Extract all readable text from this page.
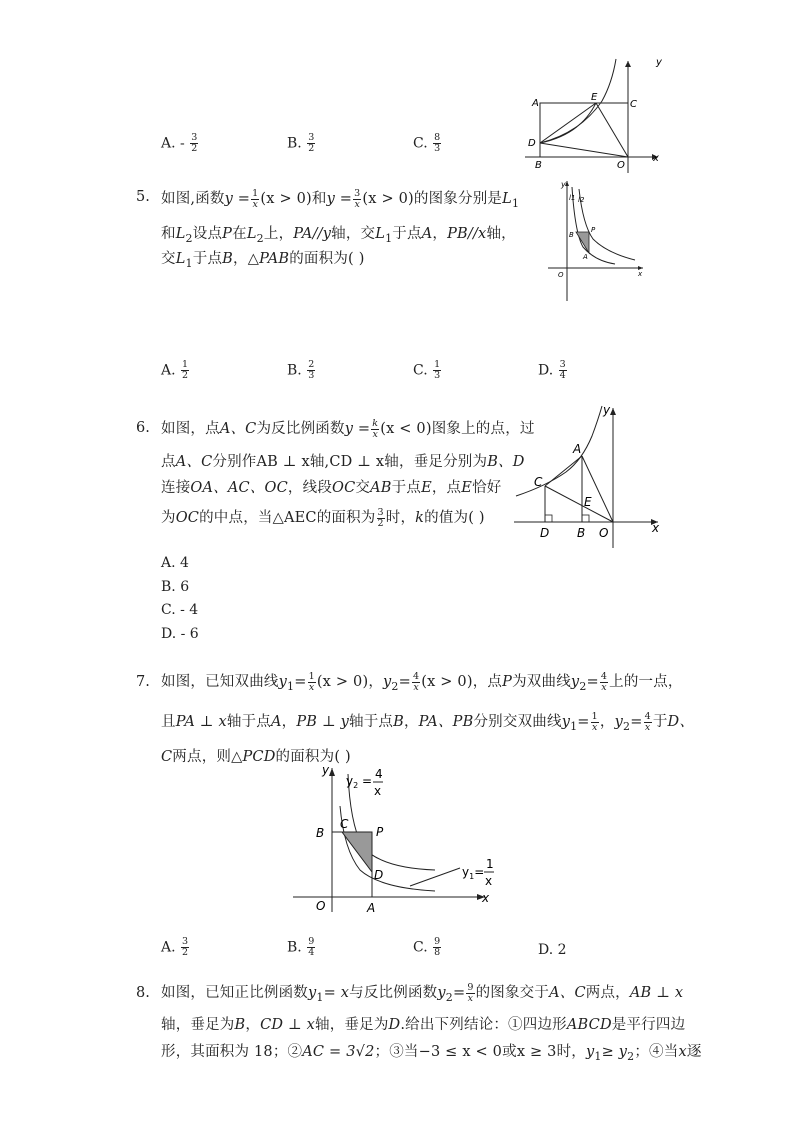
A. - $\frac{3}{2}$	B. $\frac{3}{2}$	C. $\frac{8}{3}$
y
A
E
C
D
B	O
x
5. 如图,函数$y = \frac{1}{x} (x > 0)$和$y = \frac{3}{x} (x > 0)$的图象分别是$L_1$
和$L_2$设点P在$L_2$上，PA//y轴，交$L_1$于点A，PB//x轴，
交$L_1$于点B，△PAB的面积为( )
y
l1 l2
B
P
A
O	x
A. $\frac{1}{2}$	B. $\frac{2}{3}$	C. $\frac{1}{3}$	D. $\frac{3}{4}$
6. 如图，点A、C为反比例函数$y = \frac{k}{x} (x < 0)$图象上的点，过
点A、C分别作AB ⊥ x轴,CD ⊥ x轴，垂足分别为B、D
连接OA、AC、OC，线段OC交AB于点E，点E恰好
为OC的中点，当△AEC的面积为 $\frac{3}{2}$ 时，k的值为( )
y
A
C
E
D B O	x
A. 4
B. 6
C. - 4
D. - 6
7. 如图，已知双曲线$y_1= \frac{1}{x} (x > 0)$，$y_2= \frac{4}{x} (x > 0)$，点P为双曲线$y_2= \frac{4}{x}$ 上的一点，
且PA ⊥ x轴于点A，PB ⊥ y轴于点B，PA、PB分别交双曲线$y_1= \frac{1}{x}$ ，$y_2= \frac{4}{x}$ 于D、
C两点，则△PCD的面积为( )
y
$y_2 = 4$
x
B
C
P
D	$y_1=$
1
x
O	A
x
A. $\frac{3}{2}$	B. $\frac{9}{4}$	C. $\frac{9}{8}$	D. 2
8. 如图，已知正比例函数$y_1= x$与反比例函数$y_2= \frac{9}{x}$ 的图象交于A、C两点，AB ⊥ x
轴，垂足为B，CD ⊥ x轴，垂足为D.给出下列结论：①四边形ABCD是平行四边
形，其面积为 18；②AC = 3√2；③当−3 ≤ x < 0或x ≥ 3时，$y_1\ge y_2$；④当x逐
